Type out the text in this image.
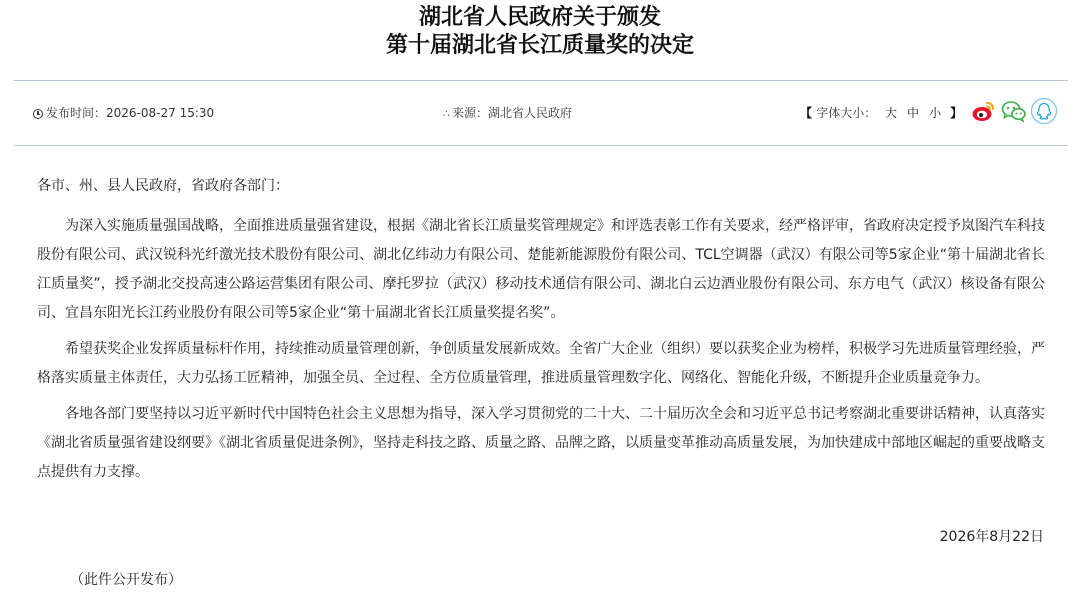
湖北省人民政府关于颁发
第十届湖北省长江质量奖的决定
发布时间：2026-08-27 15:30	∴ 来源：湖北省人民政府	【 字体大小： 大 中 小 】

各市、州、县人民政府，省政府各部门：

为深入实施质量强国战略，全面推进质量强省建设，根据《湖北省长江质量奖管理规定》和评选表彰工作有关要求，经严格评审，省政府决定授予岚图汽车科技股份有限公司、武汉锐科光纤激光技术股份有限公司、湖北亿纬动力有限公司、楚能新能源股份有限公司、TCL空调器（武汉）有限公司等5家企业“第十届湖北省长江质量奖”，授予湖北交投高速公路运营集团有限公司、摩托罗拉（武汉）移动技术通信有限公司、湖北白云边酒业股份有限公司、东方电气（武汉）核设备有限公司、宜昌东阳光长江药业股份有限公司等5家企业“第十届湖北省长江质量奖提名奖”。

希望获奖企业发挥质量标杆作用，持续推动质量管理创新，争创质量发展新成效。全省广大企业（组织）要以获奖企业为榜样，积极学习先进质量管理经验，严格落实质量主体责任，大力弘扬工匠精神，加强全员、全过程、全方位质量管理，推进质量管理数字化、网络化、智能化升级，不断提升企业质量竞争力。

各地各部门要坚持以习近平新时代中国特色社会主义思想为指导，深入学习贯彻党的二十大、二十届历次全会和习近平总书记考察湖北重要讲话精神，认真落实《湖北省质量强省建设纲要》《湖北省质量促进条例》，坚持走科技之路、质量之路、品牌之路，以质量变革推动高质量发展，为加快建成中部地区崛起的重要战略支点提供有力支撑。

2026年8月22日
（此件公开发布）
